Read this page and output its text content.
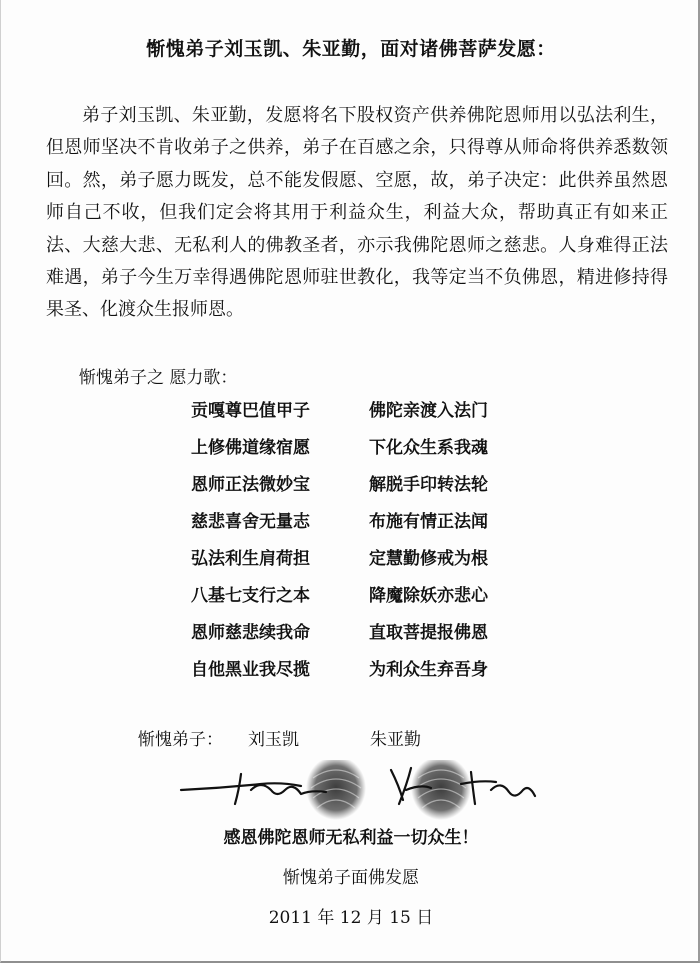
惭愧弟子刘玉凯、朱亚勤，面对诸佛菩萨发愿：

弟子刘玉凯、朱亚勤，发愿将名下股权资产供养佛陀恩师用以弘法利生，但恩师坚决不肯收弟子之供养，弟子在百感之余，只得尊从师命将供养悉数领回。然，弟子愿力既发，总不能发假愿、空愿，故，弟子决定：此供养虽然恩师自己不收，但我们定会将其用于利益众生，利益大众，帮助真正有如来正法、大慈大悲、无私利人的佛教圣者，亦示我佛陀恩师之慈悲。人身难得正法难遇，弟子今生万幸得遇佛陀恩师驻世教化，我等定当不负佛恩，精进修持得果圣、化渡众生报师恩。

惭愧弟子之 愿力歌：
贡嘎尊巴值甲子	佛陀亲渡入法门
上修佛道缘宿愿	下化众生系我魂
恩师正法微妙宝	解脱手印转法轮
慈悲喜舍无量志	布施有情正法闻
弘法利生肩荷担	定慧勤修戒为根
八基七支行之本	降魔除妖亦悲心
恩师慈悲续我命	直取菩提报佛恩
自他黑业我尽揽	为利众生弃吾身
惭愧弟子： 刘玉凯	朱亚勤
感恩佛陀恩师无私利益一切众生！
惭愧弟子面佛发愿
2011 年 12 月 15 日
